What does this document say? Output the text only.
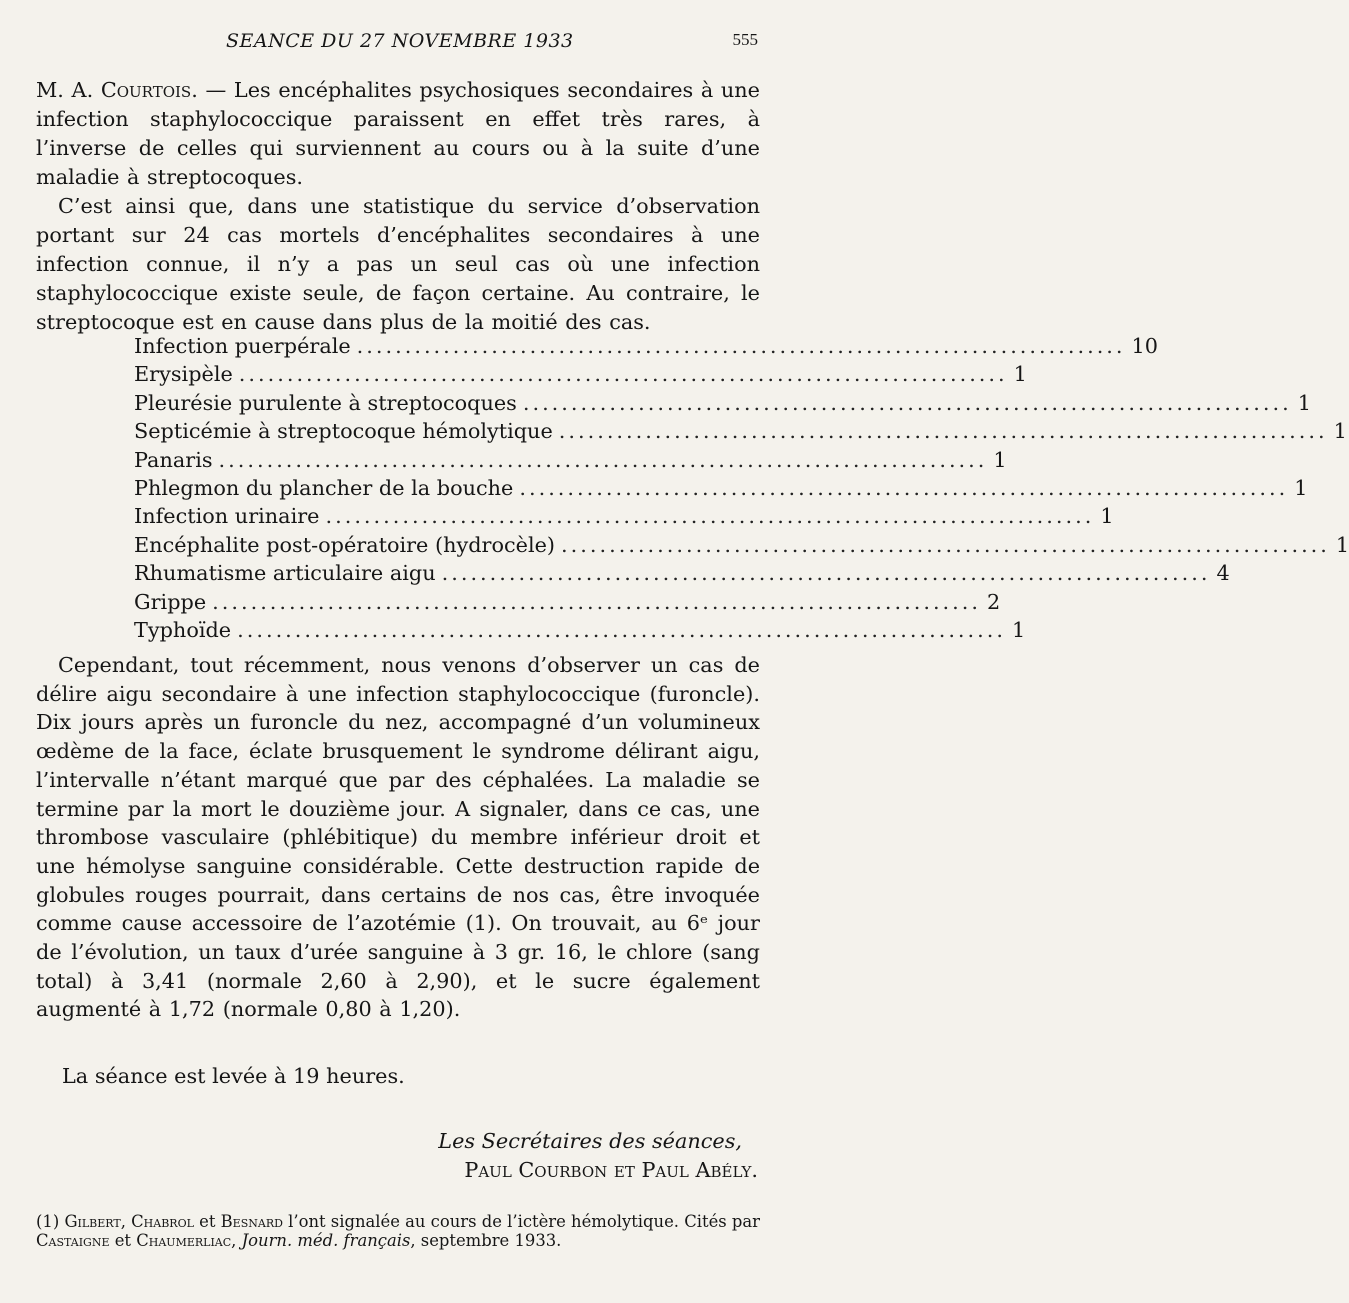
SEANCE DU 27 NOVEMBRE 1933	555

M. A. Courtois. — Les encéphalites psychosiques secondaires à une infection staphylococcique paraissent en effet très rares, à l’inverse de celles qui surviennent au cours ou à la suite d’une maladie à streptocoques.

C’est ainsi que, dans une statistique du service d’observation portant sur 24 cas mortels d’encéphalites secondaires à une infection connue, il n’y a pas un seul cas où une infection staphylococcique existe seule, de façon certaine. Au contraire, le streptocoque est en cause dans plus de la moitié des cas.

Infection puerpérale ................................................................................ 10
Erysipèle ................................................................................ 1
Pleurésie purulente à streptocoques ................................................................................ 1
Septicémie à streptocoque hémolytique ................................................................................ 1
Panaris ................................................................................ 1
Phlegmon du plancher de la bouche ................................................................................ 1
Infection urinaire ................................................................................ 1
Encéphalite post-opératoire (hydrocèle) ................................................................................ 1
Rhumatisme articulaire aigu ................................................................................ 4
Grippe ................................................................................ 2
Typhoïde ................................................................................ 1

Cependant, tout récemment, nous venons d’observer un cas de délire aigu secondaire à une infection staphylococcique (furoncle). Dix jours après un furoncle du nez, accompagné d’un volumineux œdème de la face, éclate brusquement le syndrome délirant aigu, l’intervalle n’étant marqué que par des céphalées. La maladie se termine par la mort le douzième jour. A signaler, dans ce cas, une thrombose vasculaire (phlébitique) du membre inférieur droit et une hémolyse sanguine considérable. Cette destruction rapide de globules rouges pourrait, dans certains de nos cas, être invoquée comme cause accessoire de l’azotémie (1). On trouvait, au 6ᵉ jour de l’évolution, un taux d’urée sanguine à 3 gr. 16, le chlore (sang total) à 3,41 (normale 2,60 à 2,90), et le sucre également augmenté à 1,72 (normale 0,80 à 1,20).

La séance est levée à 19 heures.
Les Secrétaires des séances,
Paul Courbon et Paul Abély.
(1) Gilbert, Chabrol et Besnard l’ont signalée au cours de l’ictère hémolytique. Cités par Castaigne et Chaumerliac, Journ. méd. français, septembre 1933.
